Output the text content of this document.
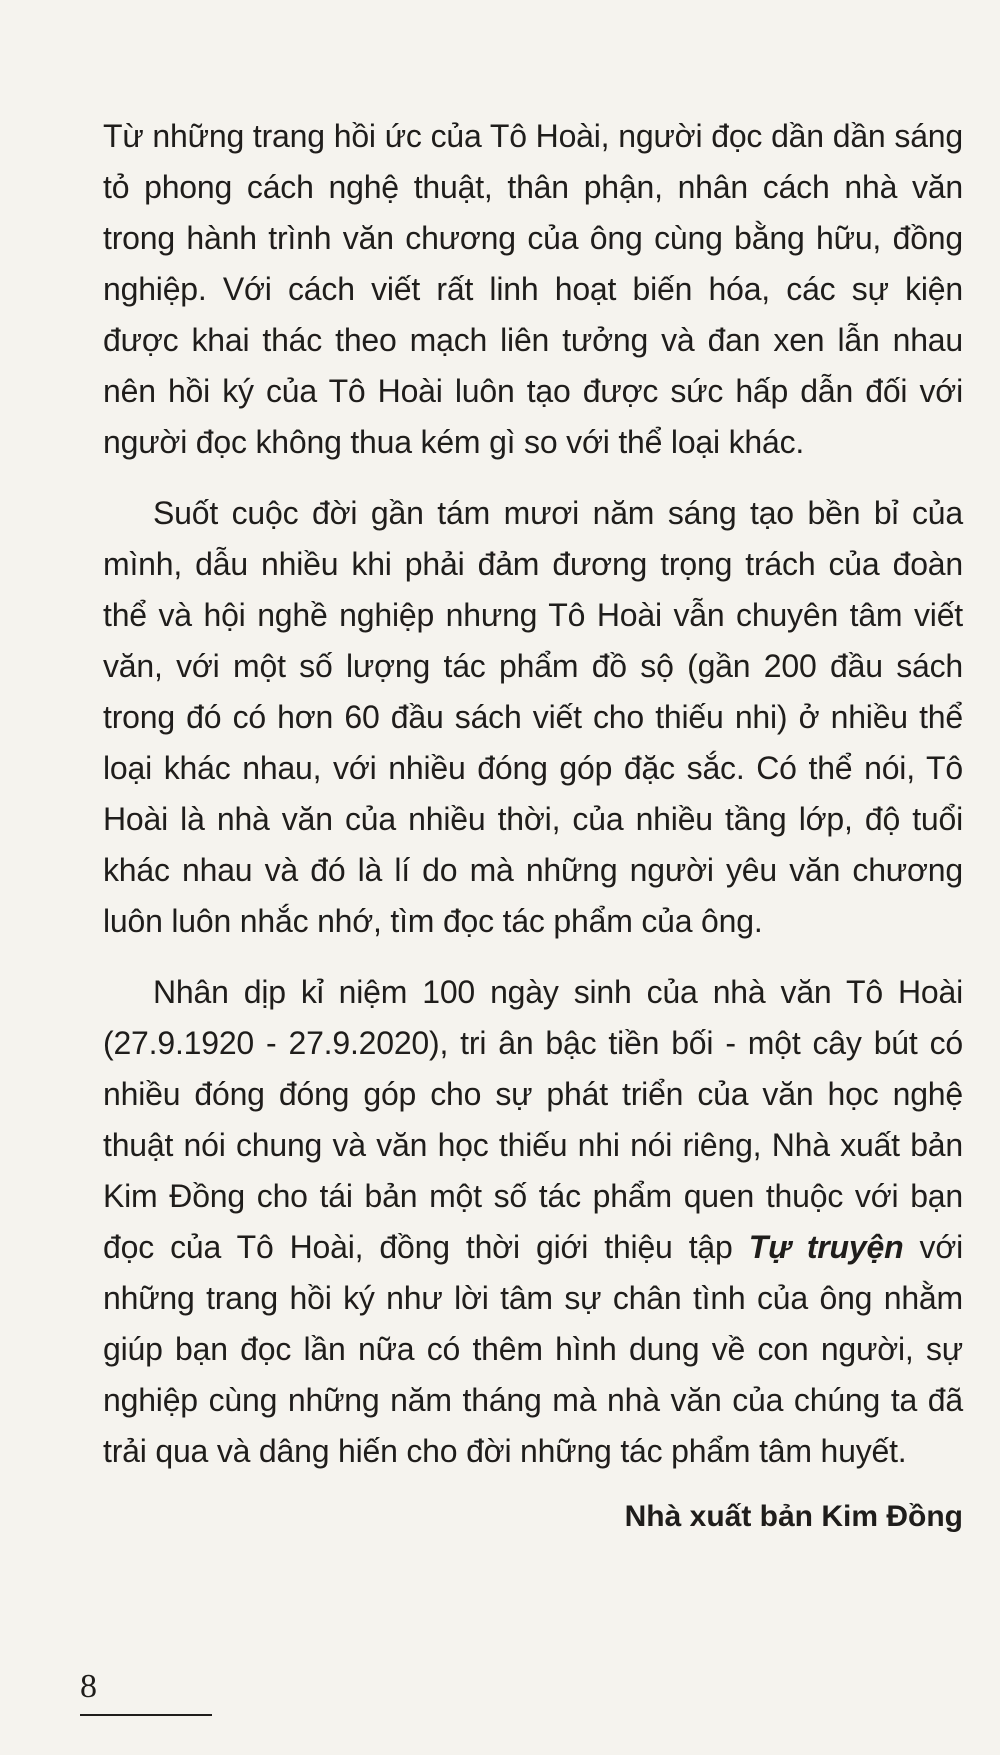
Từ những trang hồi ức của Tô Hoài, người đọc dần dần sáng tỏ phong cách nghệ thuật, thân phận, nhân cách nhà văn trong hành trình văn chương của ông cùng bằng hữu, đồng nghiệp. Với cách viết rất linh hoạt biến hóa, các sự kiện được khai thác theo mạch liên tưởng và đan xen lẫn nhau nên hồi ký của Tô Hoài luôn tạo được sức hấp dẫn đối với người đọc không thua kém gì so với thể loại khác.

Suốt cuộc đời gần tám mươi năm sáng tạo bền bỉ của mình, dẫu nhiều khi phải đảm đương trọng trách của đoàn thể và hội nghề nghiệp nhưng Tô Hoài vẫn chuyên tâm viết văn, với một số lượng tác phẩm đồ sộ (gần 200 đầu sách trong đó có hơn 60 đầu sách viết cho thiếu nhi) ở nhiều thể loại khác nhau, với nhiều đóng góp đặc sắc. Có thể nói, Tô Hoài là nhà văn của nhiều thời, của nhiều tầng lớp, độ tuổi khác nhau và đó là lí do mà những người yêu văn chương luôn luôn nhắc nhớ, tìm đọc tác phẩm của ông.

Nhân dịp kỉ niệm 100 ngày sinh của nhà văn Tô Hoài (27.9.1920 - 27.9.2020), tri ân bậc tiền bối - một cây bút có nhiều đóng đóng góp cho sự phát triển của văn học nghệ thuật nói chung và văn học thiếu nhi nói riêng, Nhà xuất bản Kim Đồng cho tái bản một số tác phẩm quen thuộc với bạn đọc của Tô Hoài, đồng thời giới thiệu tập Tự truyện với những trang hồi ký như lời tâm sự chân tình của ông nhằm giúp bạn đọc lần nữa có thêm hình dung về con người, sự nghiệp cùng những năm tháng mà nhà văn của chúng ta đã trải qua và dâng hiến cho đời những tác phẩm tâm huyết.

Nhà xuất bản Kim Đồng
8
